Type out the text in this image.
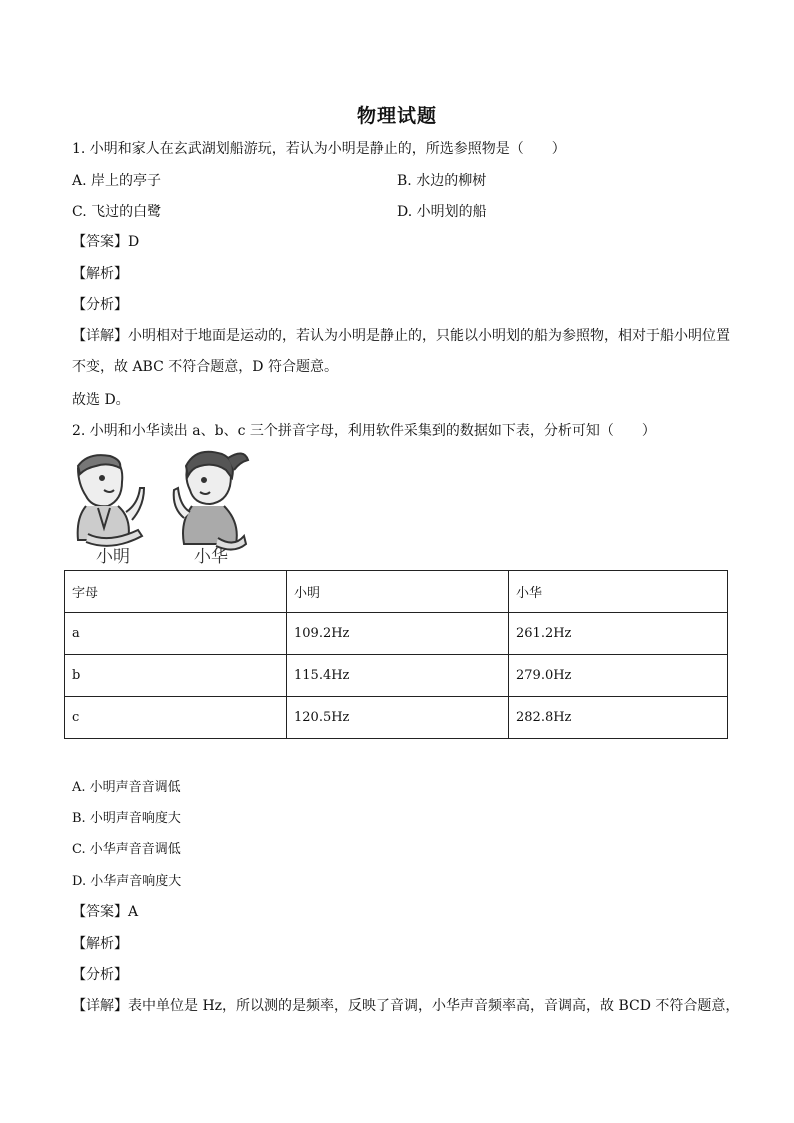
物理试题
1. 小明和家人在玄武湖划船游玩，若认为小明是静止的，所选参照物是（　　）
A. 岸上的亭子	B. 水边的柳树
C. 飞过的白鹭	D. 小明划的船
【答案】D
【解析】
【分析】
【详解】小明相对于地面是运动的，若认为小明是静止的，只能以小明划的船为参照物，相对于船小明位置不变，故 ABC 不符合题意，D 符合题意。
故选 D。
2. 小明和小华读出 a、b、c 三个拼音字母，利用软件采集到的数据如下表，分析可知（　　）
小明	小华
字母	小明	小华
a	109.2Hz	261.2Hz
b	115.4Hz	279.0Hz
c	120.5Hz	282.8Hz
A. 小明声音音调低
B. 小明声音响度大
C. 小华声音音调低
D. 小华声音响度大
【答案】A
【解析】
【分析】
【详解】表中单位是 Hz，所以测的是频率，反映了音调，小华声音频率高，音调高，故 BCD 不符合题意，
